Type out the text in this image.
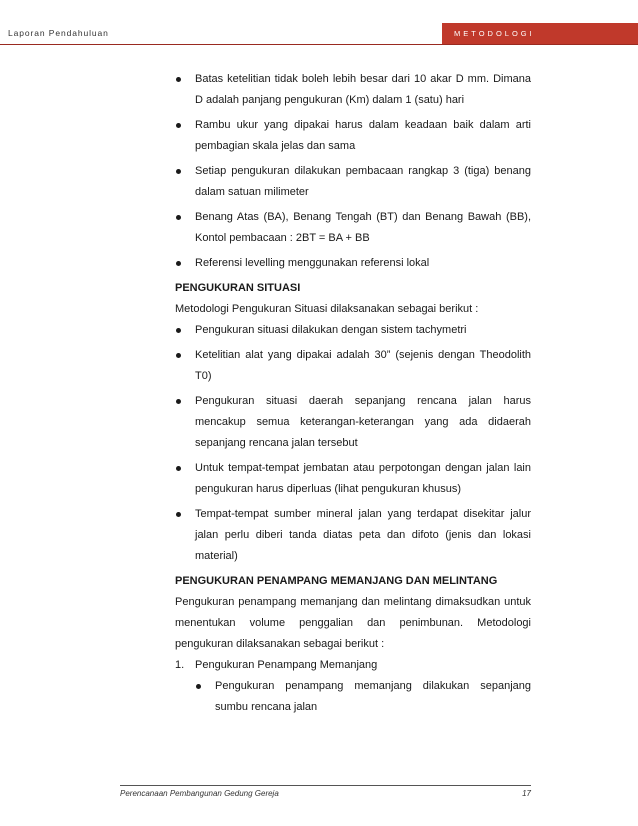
Laporan Pendahuluan	METODOLOGI
Batas ketelitian tidak boleh lebih besar dari 10 akar D mm. Dimana D adalah panjang pengukuran (Km) dalam 1 (satu) hari
Rambu ukur yang dipakai harus dalam keadaan baik dalam arti pembagian skala jelas dan sama
Setiap pengukuran dilakukan pembacaan rangkap 3 (tiga) benang dalam satuan milimeter
Benang Atas (BA), Benang Tengah (BT) dan Benang Bawah (BB), Kontol pembacaan : 2BT = BA + BB
Referensi levelling menggunakan referensi lokal
PENGUKURAN SITUASI
Metodologi Pengukuran Situasi dilaksanakan sebagai berikut :
Pengukuran situasi dilakukan dengan sistem tachymetri
Ketelitian alat yang dipakai adalah 30” (sejenis dengan Theodolith T0)
Pengukuran situasi daerah sepanjang rencana jalan harus mencakup semua keterangan-keterangan yang ada didaerah sepanjang rencana jalan tersebut
Untuk tempat-tempat jembatan atau perpotongan dengan jalan lain pengukuran harus diperluas (lihat pengukuran khusus)
Tempat-tempat sumber mineral jalan yang terdapat disekitar jalur jalan perlu diberi tanda diatas peta dan difoto (jenis dan lokasi material)
PENGUKURAN PENAMPANG MEMANJANG DAN MELINTANG
Pengukuran penampang memanjang dan melintang dimaksudkan untuk menentukan volume penggalian dan penimbunan. Metodologi pengukuran dilaksanakan sebagai berikut :
1. Pengukuran Penampang Memanjang
Pengukuran penampang memanjang dilakukan sepanjang sumbu rencana jalan
Perencanaan Pembangunan Gedung Gereja	17
